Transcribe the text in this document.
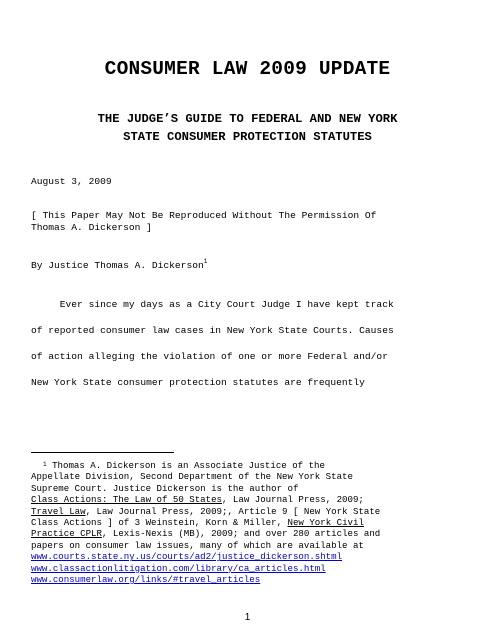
CONSUMER LAW 2009 UPDATE
THE JUDGE’S GUIDE TO FEDERAL AND NEW YORK
STATE CONSUMER PROTECTION STATUTES
August 3, 2009
[ This Paper May Not Be Reproduced Without The Permission Of
Thomas A. Dickerson ]
By Justice Thomas A. Dickerson$^1$
Ever since my days as a City Court Judge I have kept track
of reported consumer law cases in New York State Courts. Causes
of action alleging the violation of one or more Federal and/or
New York State consumer protection statutes are frequently
$^1$ Thomas A. Dickerson is an Associate Justice of the
Appellate Division, Second Department of the New York State
Supreme Court. Justice Dickerson is the author of
Class Actions: The Law of 50 States, Law Journal Press, 2009;
Travel Law, Law Journal Press, 2009;, Article 9 [ New York State
Class Actions ] of 3 Weinstein, Korn & Miller, New York Civil
Practice CPLR, Lexis-Nexis (MB), 2009; and over 280 articles and
papers on consumer law issues, many of which are available at
www.courts.state.ny.us/courts/ad2/justice_dickerson.shtml
www.classactionlitigation.com/library/ca_articles.html
www.consumerlaw.org/links/#travel_articles
1
